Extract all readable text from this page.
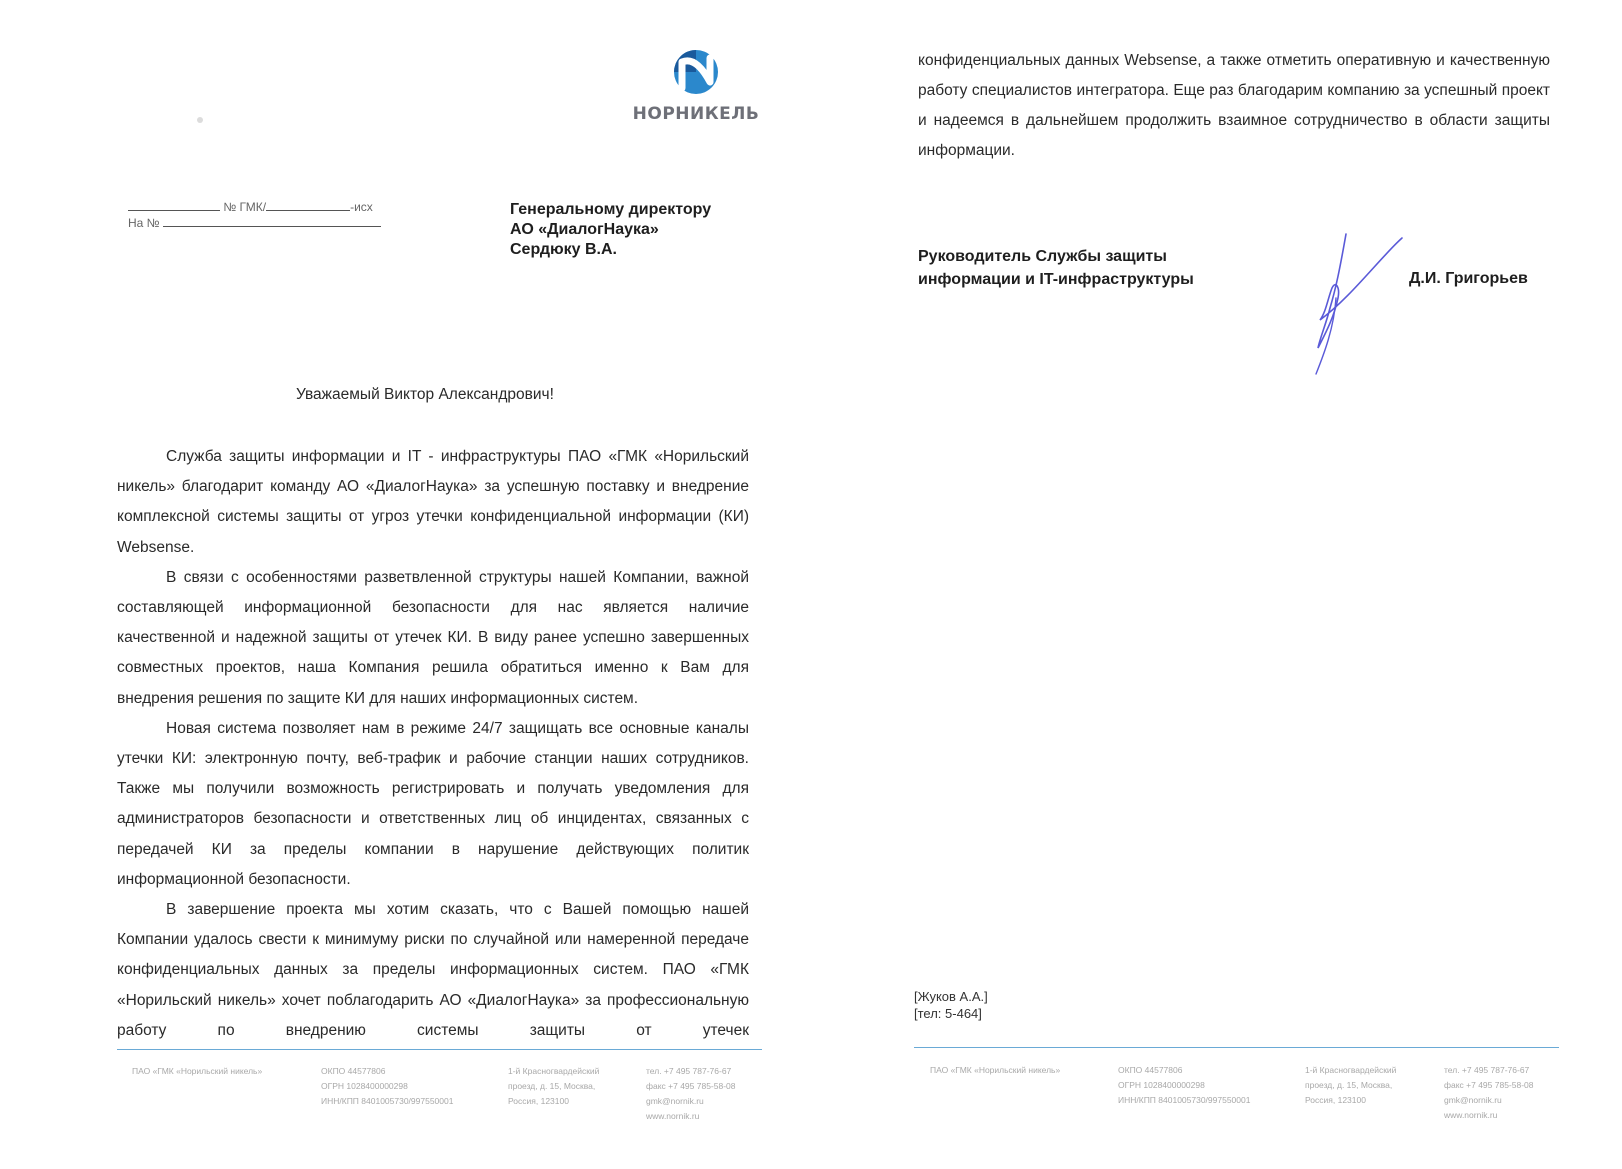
НОРНИКЕЛЬ
№ ГМК/	-исх
На №
Генеральному директору
АО «ДиалогНаука»
Сердюку В.А.
Уважаемый Виктор Александрович!

Служба защиты информации и IT - инфраструктуры ПАО «ГМК «Норильский никель» благодарит команду АО «ДиалогНаука» за успешную поставку и внедрение комплексной системы защиты от угроз утечки конфиденциальной информации (КИ) Websense.

В связи с особенностями разветвленной структуры нашей Компании, важной составляющей информационной безопасности для нас является наличие качественной и надежной защиты от утечек КИ. В виду ранее успешно завершенных совместных проектов, наша Компания решила обратиться именно к Вам для внедрения решения по защите КИ для наших информационных систем.

Новая система позволяет нам в режиме 24/7 защищать все основные каналы утечки КИ: электронную почту, веб-трафик и рабочие станции наших сотрудников. Также мы получили возможность регистрировать и получать уведомления для администраторов безопасности и ответственных лиц об инцидентах, связанных с передачей КИ за пределы компании в нарушение действующих политик информационной безопасности.

В завершение проекта мы хотим сказать, что с Вашей помощью нашей Компании удалось свести к минимуму риски по случайной или намеренной передаче конфиденциальных данных за пределы информационных систем. ПАО «ГМК «Норильский никель» хочет поблагодарить АО «ДиалогНаука» за профессиональную работу по внедрению системы защиты от утечек

конфиденциальных данных Websense, а также отметить оперативную и качественную работу специалистов интегратора. Еще раз благодарим компанию за успешный проект и надеемся в дальнейшем продолжить взаимное сотрудничество в области защиты информации.

Руководитель Службы защиты
информации и IT-инфраструктуры	Д.И. Григорьев
[Жуков А.А.]
[тел: 5-464]
ПАО «ГМК «Норильский никель»	ОКПО 44577806
ОГРН 1028400000298
ИНН/КПП 8401005730/997550001
1-й Красногвардейский
проезд, д. 15, Москва,
Россия, 123100
тел. +7 495 787-76-67
факс +7 495 785-58-08
gmk@nornik.ru
www.nornik.ru
ПАО «ГМК «Норильский никель»	ОКПО 44577806
ОГРН 1028400000298
ИНН/КПП 8401005730/997550001
1-й Красногвардейский
проезд, д. 15, Москва,
Россия, 123100
тел. +7 495 787-76-67
факс +7 495 785-58-08
gmk@nornik.ru
www.nornik.ru
